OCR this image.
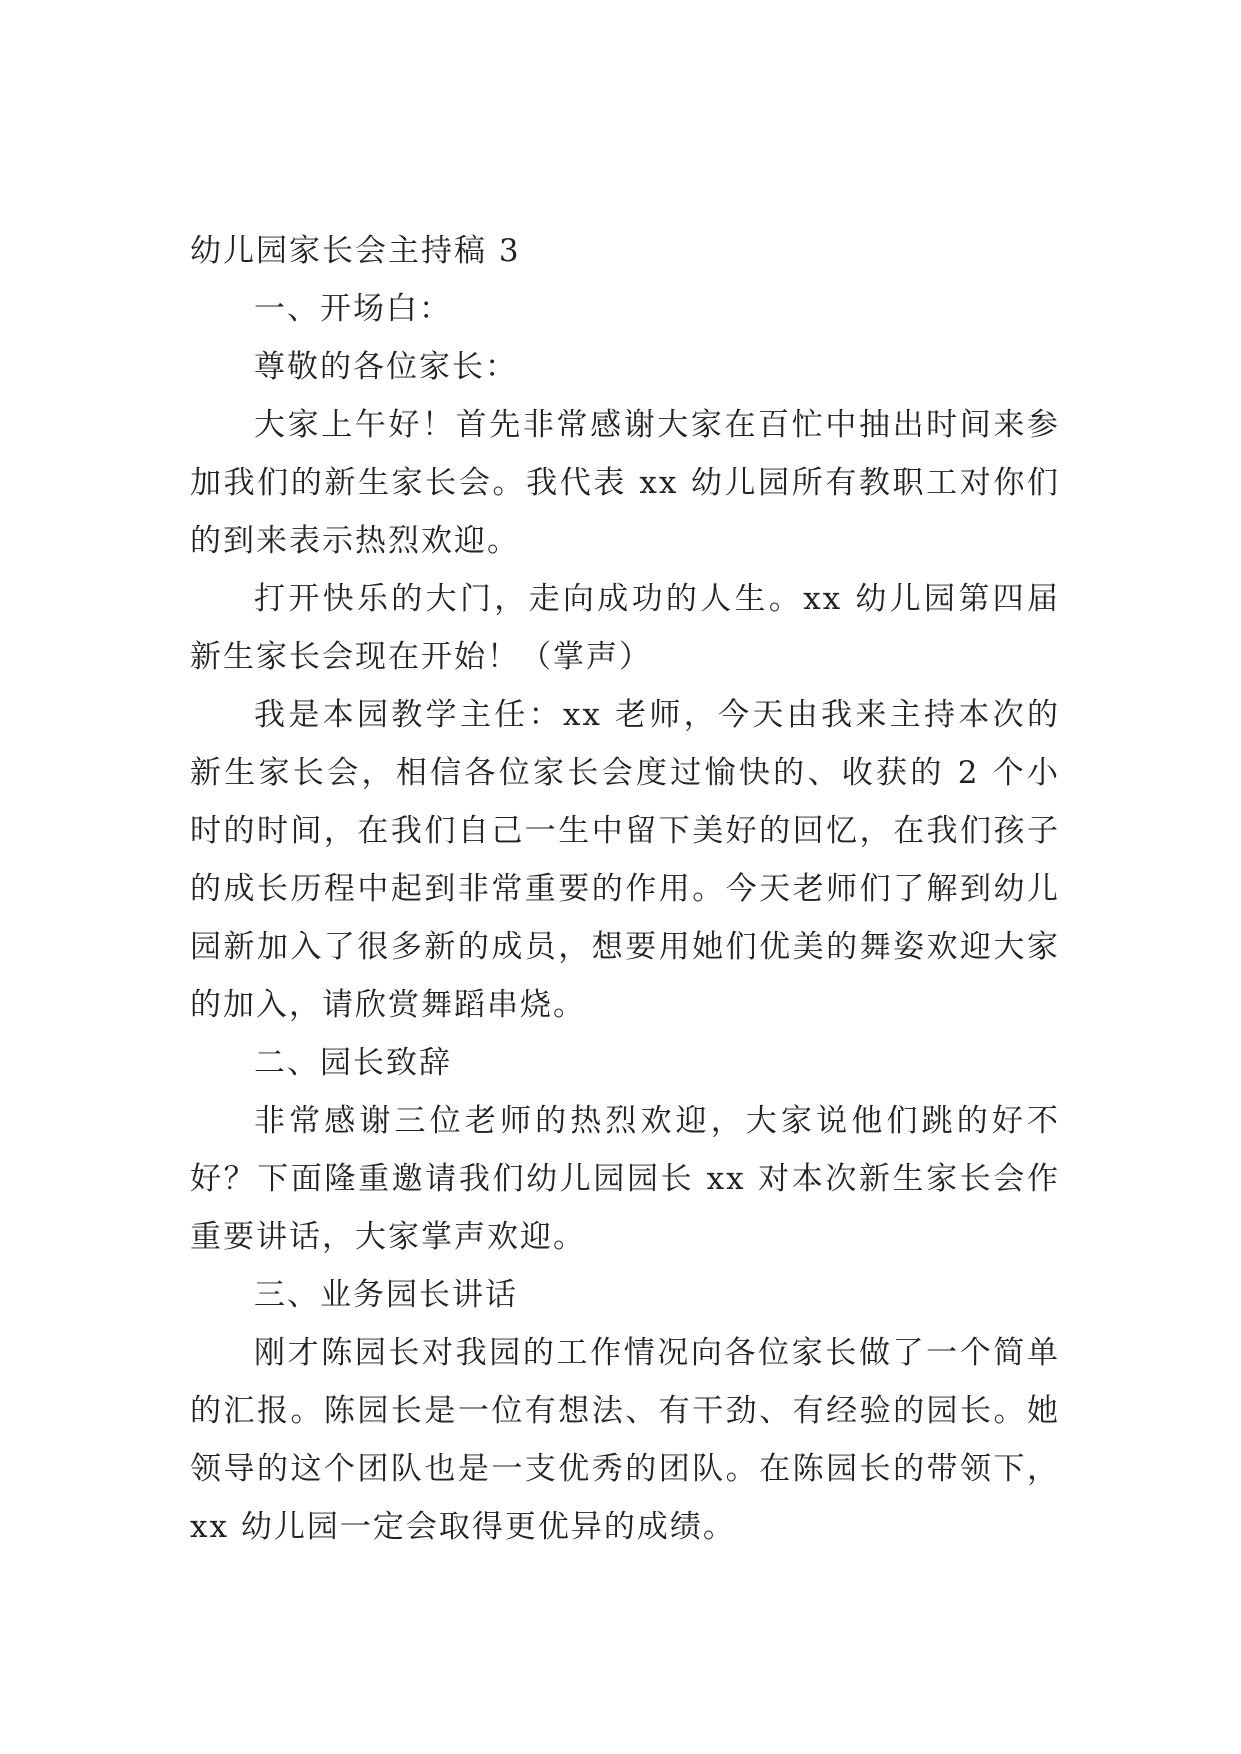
幼儿园家长会主持稿 3

一、开场白：

尊敬的各位家长：

大家上午好！首先非常感谢大家在百忙中抽出时间来参加我们的新生家长会。我代表 xx 幼儿园所有教职工对你们的到来表示热烈欢迎。

打开快乐的大门，走向成功的人生。xx 幼儿园第四届新生家长会现在开始！（掌声）

我是本园教学主任：xx 老师，今天由我来主持本次的新生家长会，相信各位家长会度过愉快的、收获的 2 个小时的时间，在我们自己一生中留下美好的回忆，在我们孩子的成长历程中起到非常重要的作用。今天老师们了解到幼儿园新加入了很多新的成员，想要用她们优美的舞姿欢迎大家的加入，请欣赏舞蹈串烧。

二、园长致辞

非常感谢三位老师的热烈欢迎，大家说他们跳的好不好？下面隆重邀请我们幼儿园园长 xx 对本次新生家长会作重要讲话，大家掌声欢迎。

三、业务园长讲话

刚才陈园长对我园的工作情况向各位家长做了一个简单的汇报。陈园长是一位有想法、有干劲、有经验的园长。她领导的这个团队也是一支优秀的团队。在陈园长的带领下，xx 幼儿园一定会取得更优异的成绩。
